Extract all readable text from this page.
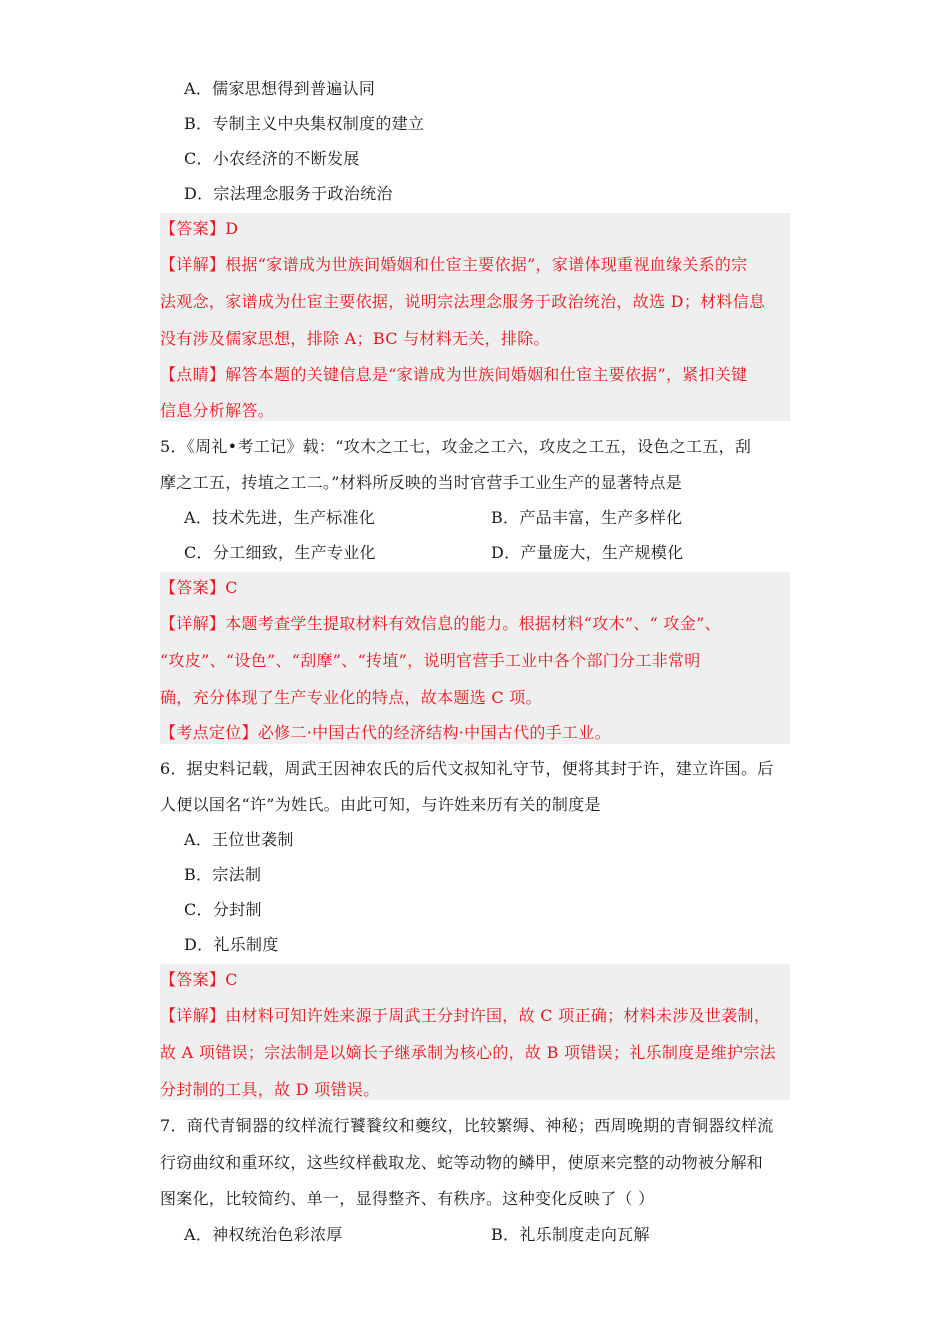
A．儒家思想得到普遍认同
B．专制主义中央集权制度的建立
C．小农经济的不断发展
D．宗法理念服务于政治统治
【答案】D
【详解】根据“家谱成为世族间婚姻和仕宦主要依据”，家谱体现重视血缘关系的宗
法观念，家谱成为仕宦主要依据，说明宗法理念服务于政治统治，故选 D；材料信息
没有涉及儒家思想，排除 A；BC 与材料无关，排除。
【点睛】解答本题的关键信息是“家谱成为世族间婚姻和仕宦主要依据”，紧扣关键
信息分析解答。
5．《周礼•考工记》载：“攻木之工七，攻金之工六，攻皮之工五，设色之工五，刮
摩之工五，抟埴之工二。”材料所反映的当时官营手工业生产的显著特点是
A．技术先进，生产标准化	B．产品丰富，生产多样化
C．分工细致，生产专业化	D．产量庞大，生产规模化
【答案】C
【详解】本题考查学生提取材料有效信息的能力。根据材料“攻木”、“ 攻金”、
“攻皮”、“设色”、“刮摩”、“抟埴”，说明官营手工业中各个部门分工非常明
确，充分体现了生产专业化的特点，故本题选 C 项。
【考点定位】必修二·中国古代的经济结构·中国古代的手工业。
6．据史料记载，周武王因神农氏的后代文叔知礼守节，便将其封于许，建立许国。后
人便以国名“许”为姓氏。由此可知，与许姓来历有关的制度是
A．王位世袭制
B．宗法制
C．分封制
D．礼乐制度
【答案】C
【详解】由材料可知许姓来源于周武王分封许国，故 C 项正确；材料未涉及世袭制，
故 A 项错误；宗法制是以嫡长子继承制为核心的，故 B 项错误；礼乐制度是维护宗法
分封制的工具，故 D 项错误。
7．商代青铜器的纹样流行饕餮纹和夔纹，比较繁缛、神秘；西周晚期的青铜器纹样流
行窃曲纹和重环纹，这些纹样截取龙、蛇等动物的鳞甲，使原来完整的动物被分解和
图案化，比较简约、单一，显得整齐、有秩序。这种变化反映了（ ）
A．神权统治色彩浓厚	B．礼乐制度走向瓦解
